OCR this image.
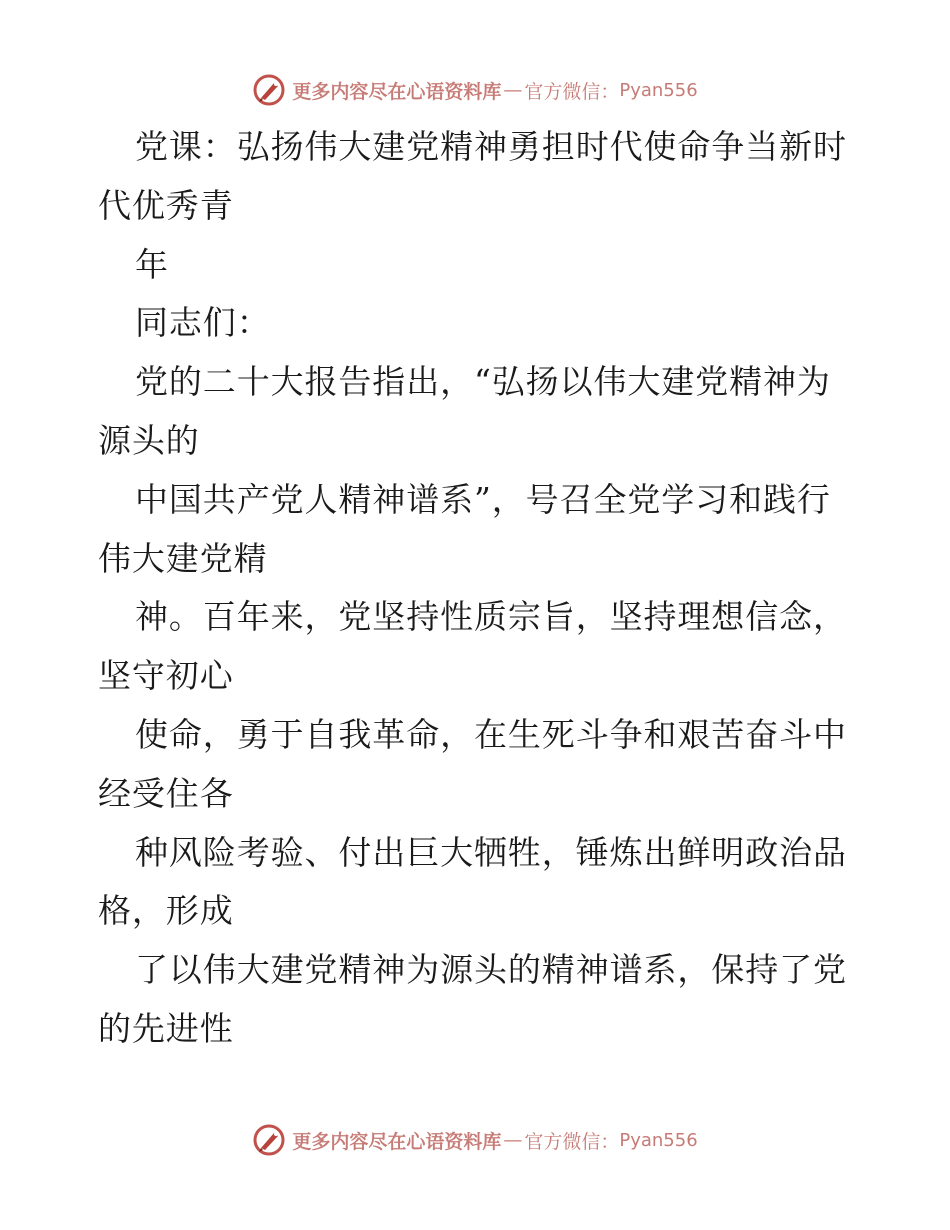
更多内容尽在心语资料库 — 官方微信： Pyan556
党课：弘扬伟大建党精神勇担时代使命争当新时
代优秀青
年
同志们：
党的二十大报告指出，“弘扬以伟大建党精神为
源头的
中国共产党人精神谱系”，号召全党学习和践行
伟大建党精
神。百年来，党坚持性质宗旨，坚持理想信念，
坚守初心
使命，勇于自我革命，在生死斗争和艰苦奋斗中
经受住各
种风险考验、付出巨大牺牲，锤炼出鲜明政治品
格，形成
了以伟大建党精神为源头的精神谱系，保持了党
的先进性
更多内容尽在心语资料库 — 官方微信： Pyan556
